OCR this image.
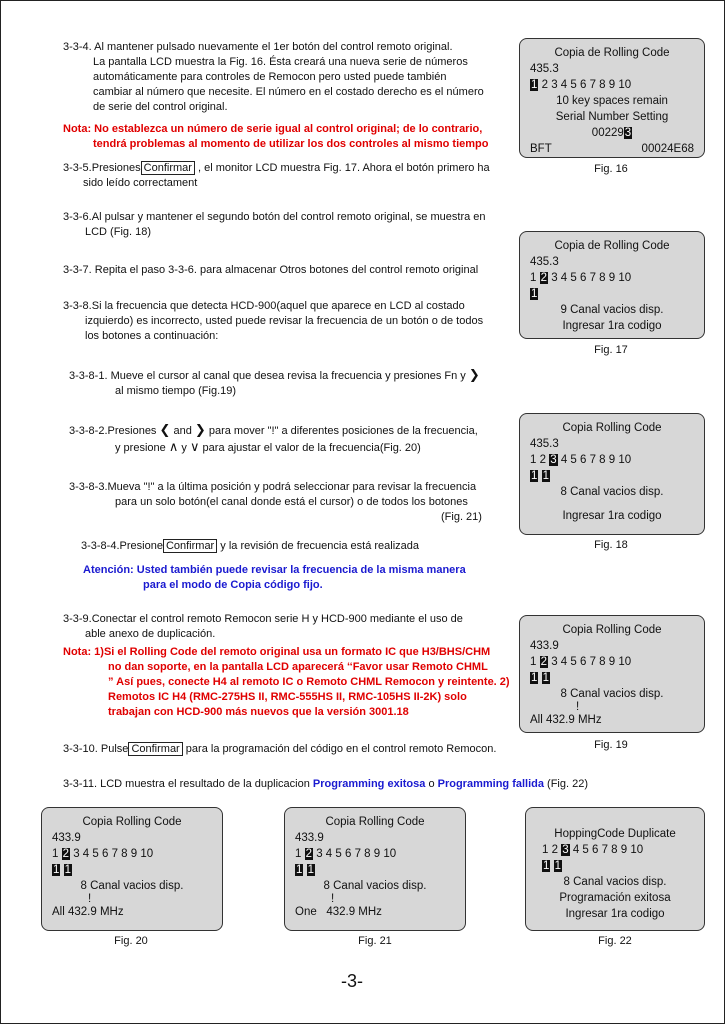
3-3-4. Al mantener pulsado nuevamente el 1er botón del control remoto original.
La pantalla LCD muestra la Fig. 16. Ésta creará una nueva serie de números
automáticamente para controles de Remocon pero usted puede también
cambiar al número que necesite. El número en el costado derecho es el número
de serie del control original.
Nota: No establezca un número de serie igual al control original; de lo contrario,
tendrá problemas al momento de utilizar los dos controles al mismo tiempo
3-3-5.Presiones Confirmar , el monitor LCD muestra Fig. 17. Ahora el botón primero ha
sido leído correctament
3-3-6.Al pulsar y mantener el segundo botón del control remoto original, se muestra en
LCD (Fig. 18)
3-3-7. Repita el paso 3-3-6. para almacenar Otros botones del control remoto original
3-3-8.Si la frecuencia que detecta HCD-900(aquel que aparece en LCD al costado
izquierdo) es incorrecto, usted puede revisar la frecuencia de un botón o de todos
los botones a continuación:
3-3-8-1. Mueve el cursor al canal que desea revisa la frecuencia y presiones Fn y ❯
al mismo tiempo (Fig.19)
3-3-8-2.Presiones ❮ and ❯ para mover "!" a diferentes posiciones de la frecuencia,
y presione ∧ y ∨ para ajustar el valor de la frecuencia(Fig. 20)
3-3-8-3.Mueva "!" a la última posición y podrá seleccionar para revisar la frecuencia
para un solo botón(el canal donde está el cursor) o de todos los botones
(Fig. 21)
3-3-8-4.Presione Confirmar y la revisión de frecuencia está realizada
Atención: Usted también puede revisar la frecuencia de la misma manera
para el modo de Copia código fijo.
3-3-9.Conectar el control remoto Remocon serie H y HCD-900 mediante el uso de
able anexo de duplicación.
Nota: 1)Si el Rolling Code del remoto original usa un formato IC que H3/BHS/CHM
no dan soporte, en la pantalla LCD aparecerá ‘‘Favor usar Remoto CHML
” Así pues, conecte H4 al remoto IC o Remoto CHML Remocon y reintente. 2)
Remotos IC H4 (RMC-275HS II, RMC-555HS II, RMC-105HS II-2K) solo
trabajan con HCD-900 más nuevos que la versión 3001.18
3-3-10. Pulse Confirmar para la programación del código en el control remoto Remocon.
3-3-11. LCD muestra el resultado de la duplicacion Programming exitosa o Programming fallida (Fig. 22)
Copia de Rolling Code
435.3
1 2 3 4 5 6 7 8 9 10
10 key spaces remain
Serial Number Setting
002293
BFT	00024E68
Fig. 16
Copia de Rolling Code
435.3
1 2 3 4 5 6 7 8 9 10
1
9 Canal vacios disp.
Ingresar 1ra codigo
Fig. 17
Copia Rolling Code
435.3
1 2 3 4 5 6 7 8 9 10
1 1
8 Canal vacios disp.
Ingresar 1ra codigo
Fig. 18
Copia Rolling Code
433.9
1 2 3 4 5 6 7 8 9 10
1 1
8 Canal vacios disp.
!
All 432.9 MHz
Fig. 19
Copia Rolling Code
433.9
1 2 3 4 5 6 7 8 9 10
1 1
8 Canal vacios disp.
!
All 432.9 MHz
Fig. 20
Copia Rolling Code
433.9
1 2 3 4 5 6 7 8 9 10
1 1
8 Canal vacios disp.
!
One   432.9 MHz
Fig. 21
HoppingCode Duplicate
1 2 3 4 5 6 7 8 9 10
1 1
8 Canal vacios disp.
Programación exitosa
Ingresar 1ra codigo
Fig. 22
-3-
